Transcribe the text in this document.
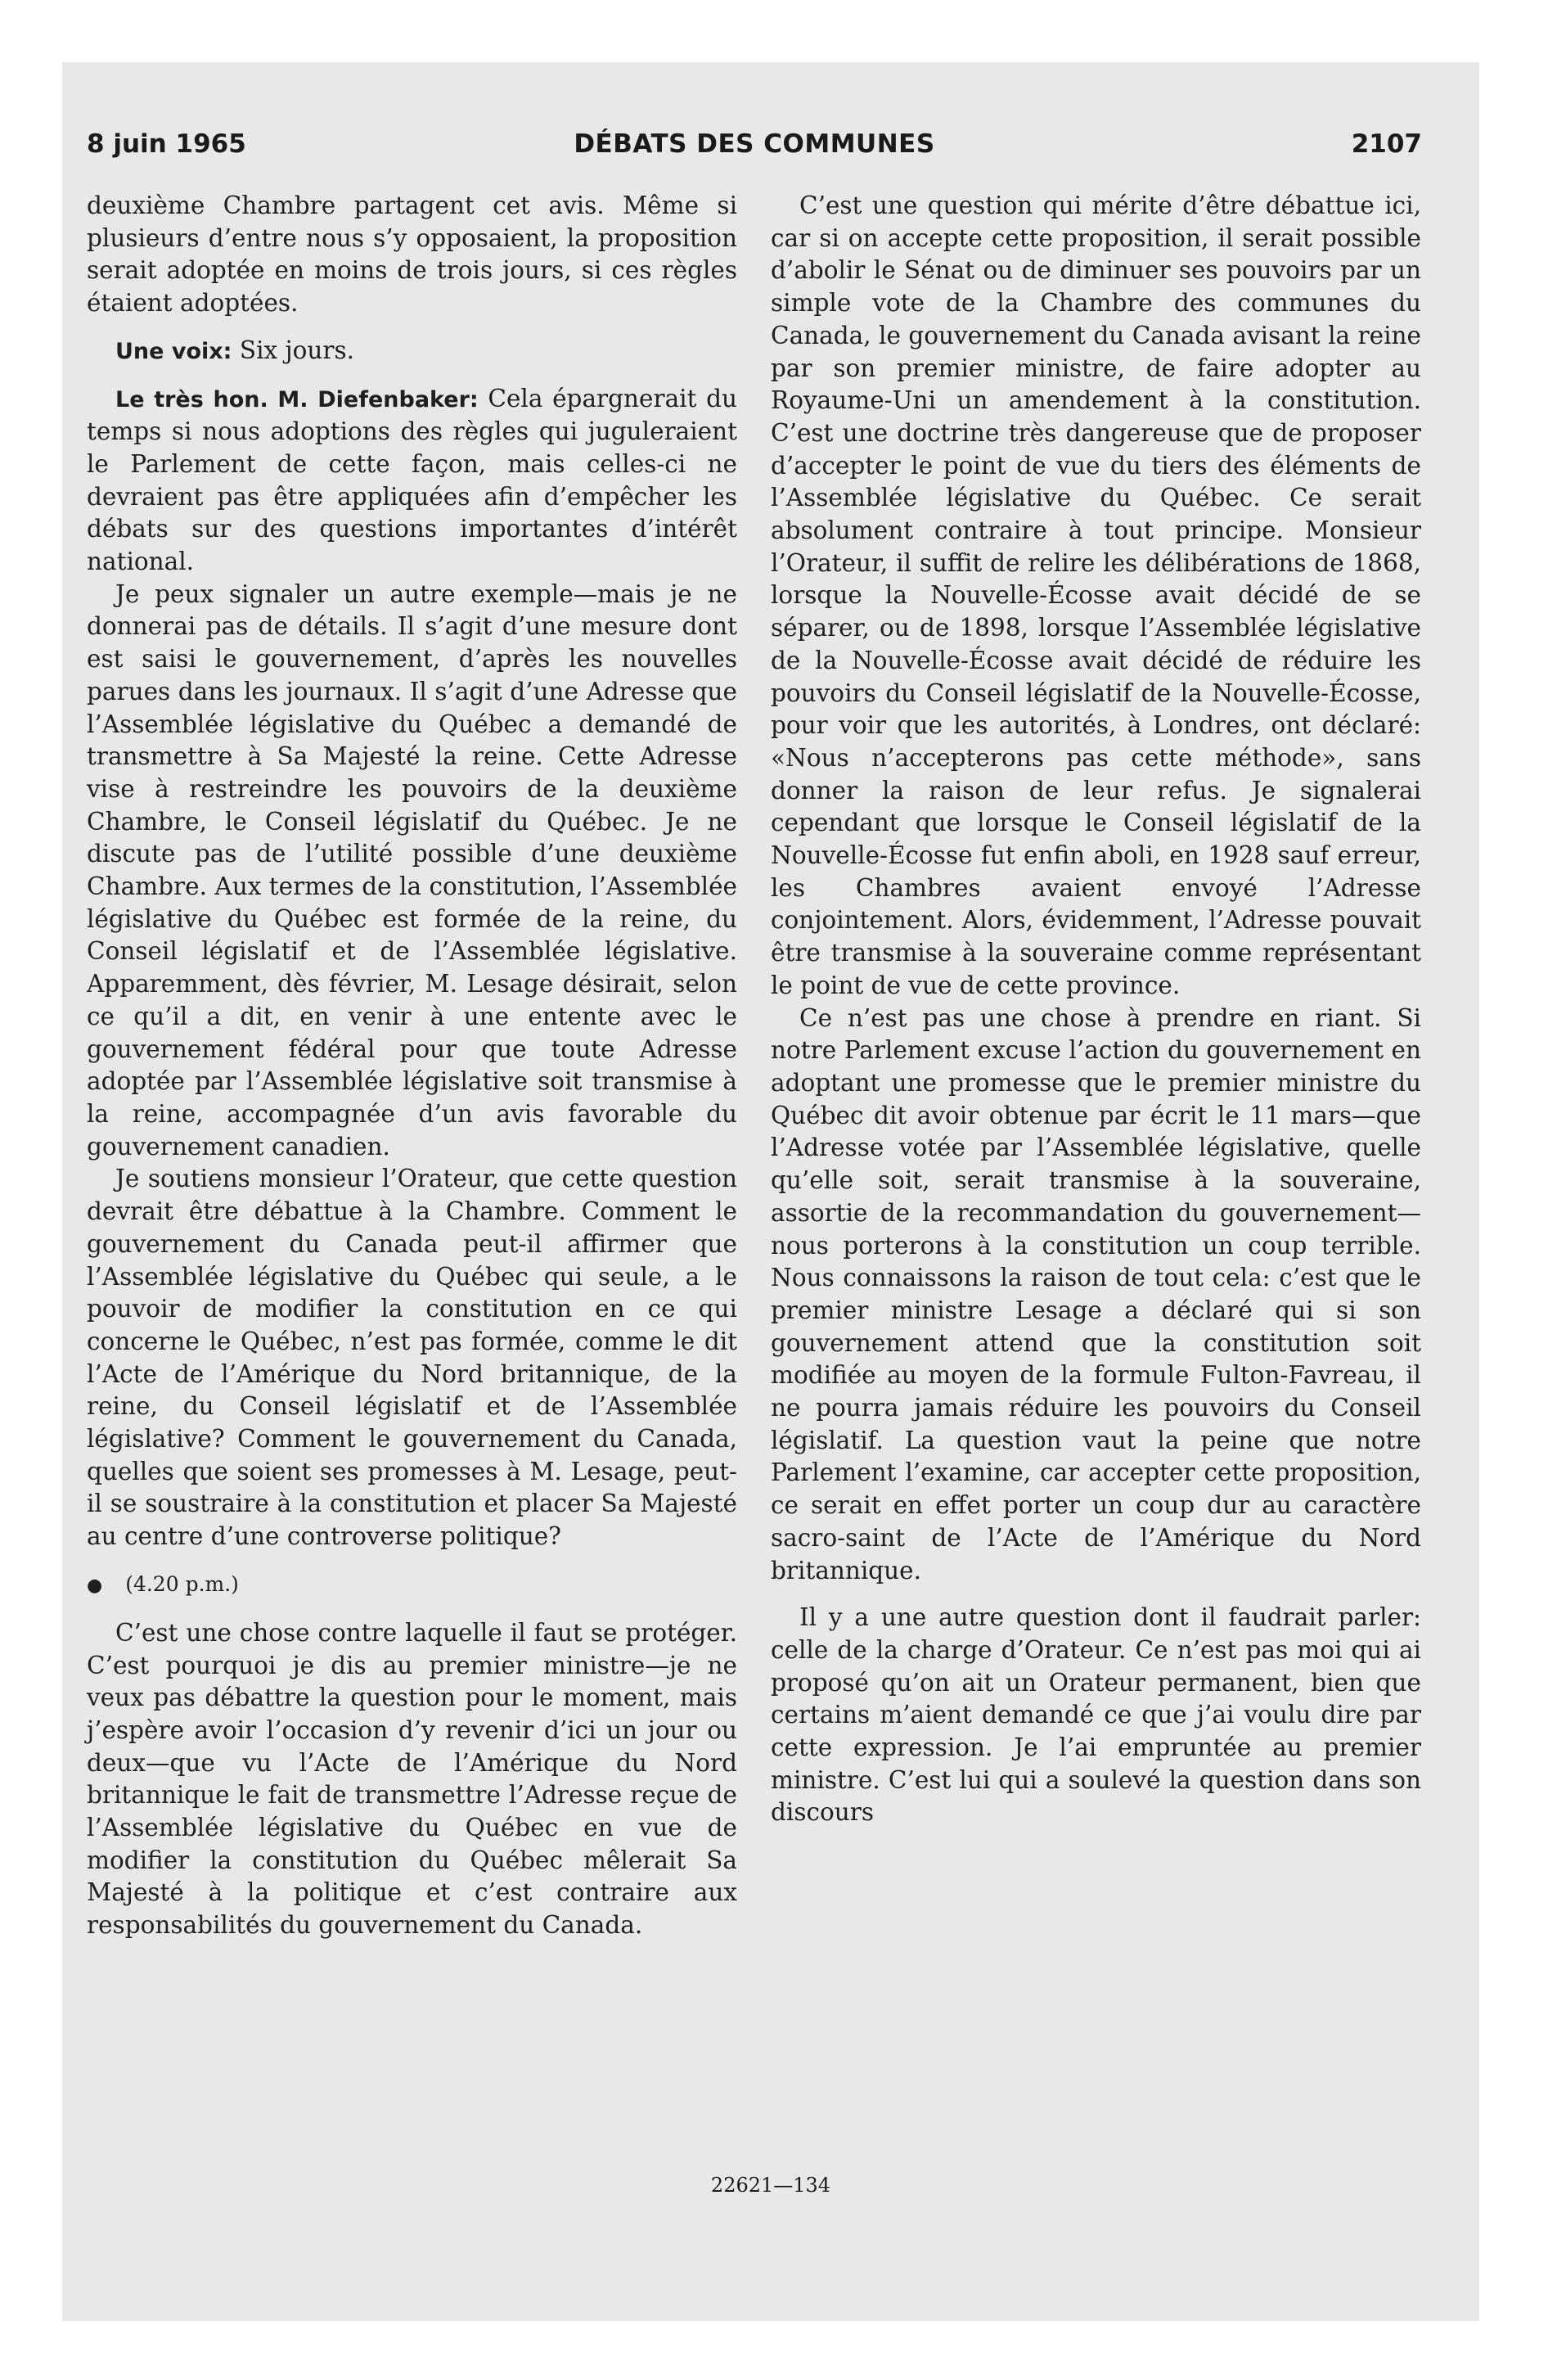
8 juin 1965	DÉBATS DES COMMUNES	2107

deuxième Chambre partagent cet avis. Même si plusieurs d’entre nous s’y opposaient, la proposition serait adoptée en moins de trois jours, si ces règles étaient adoptées.

Une voix: Six jours.

Le très hon. M. Diefenbaker: Cela épargnerait du temps si nous adoptions des règles qui juguleraient le Parlement de cette façon, mais celles-ci ne devraient pas être appliquées afin d’empêcher les débats sur des questions importantes d’intérêt national.

Je peux signaler un autre exemple—mais je ne donnerai pas de détails. Il s’agit d’une mesure dont est saisi le gouvernement, d’après les nouvelles parues dans les journaux. Il s’agit d’une Adresse que l’Assemblée législative du Québec a demandé de transmettre à Sa Majesté la reine. Cette Adresse vise à restreindre les pouvoirs de la deuxième Chambre, le Conseil législatif du Québec. Je ne discute pas de l’utilité possible d’une deuxième Chambre. Aux termes de la constitution, l’Assemblée législative du Québec est formée de la reine, du Conseil législatif et de l’Assemblée législative. Apparemment, dès février, M. Lesage désirait, selon ce qu’il a dit, en venir à une entente avec le gouvernement fédéral pour que toute Adresse adoptée par l’Assemblée législative soit transmise à la reine, accompagnée d’un avis favorable du gouvernement canadien.

Je soutiens monsieur l’Orateur, que cette question devrait être débattue à la Chambre. Comment le gouvernement du Canada peut-il affirmer que l’Assemblée législative du Québec qui seule, a le pouvoir de modifier la constitution en ce qui concerne le Québec, n’est pas formée, comme le dit l’Acte de l’Amérique du Nord britannique, de la reine, du Conseil législatif et de l’Assemblée législative? Comment le gouvernement du Canada, quelles que soient ses promesses à M. Lesage, peut-il se soustraire à la constitution et placer Sa Majesté au centre d’une controverse politique?

● (4.20 p.m.)

C’est une chose contre laquelle il faut se protéger. C’est pourquoi je dis au premier ministre—je ne veux pas débattre la question pour le moment, mais j’espère avoir l’occasion d’y revenir d’ici un jour ou deux—que vu l’Acte de l’Amérique du Nord britannique le fait de transmettre l’Adresse reçue de l’Assemblée législative du Québec en vue de modifier la constitution du Québec mêlerait Sa Majesté à la politique et c’est contraire aux responsabilités du gouvernement du Canada.

C’est une question qui mérite d’être débattue ici, car si on accepte cette proposition, il serait possible d’abolir le Sénat ou de diminuer ses pouvoirs par un simple vote de la Chambre des communes du Canada, le gouvernement du Canada avisant la reine par son premier ministre, de faire adopter au Royaume-Uni un amendement à la constitution. C’est une doctrine très dangereuse que de proposer d’accepter le point de vue du tiers des éléments de l’Assemblée législative du Québec. Ce serait absolument contraire à tout principe. Monsieur l’Orateur, il suffit de relire les délibérations de 1868, lorsque la Nouvelle-Écosse avait décidé de se séparer, ou de 1898, lorsque l’Assemblée législative de la Nouvelle-Écosse avait décidé de réduire les pouvoirs du Conseil législatif de la Nouvelle-Écosse, pour voir que les autorités, à Londres, ont déclaré: «Nous n’accepterons pas cette méthode», sans donner la raison de leur refus. Je signalerai cependant que lorsque le Conseil législatif de la Nouvelle-Écosse fut enfin aboli, en 1928 sauf erreur, les Chambres avaient envoyé l’Adresse conjointement. Alors, évidemment, l’Adresse pouvait être transmise à la souveraine comme représentant le point de vue de cette province.

Ce n’est pas une chose à prendre en riant. Si notre Parlement excuse l’action du gouvernement en adoptant une promesse que le premier ministre du Québec dit avoir obtenue par écrit le 11 mars—que l’Adresse votée par l’Assemblée législative, quelle qu’elle soit, serait transmise à la souveraine, assortie de la recommandation du gouvernement—nous porterons à la constitution un coup terrible. Nous connaissons la raison de tout cela: c’est que le premier ministre Lesage a déclaré qui si son gouvernement attend que la constitution soit modifiée au moyen de la formule Fulton-Favreau, il ne pourra jamais réduire les pouvoirs du Conseil législatif. La question vaut la peine que notre Parlement l’examine, car accepter cette proposition, ce serait en effet porter un coup dur au caractère sacro-saint de l’Acte de l’Amérique du Nord britannique.

Il y a une autre question dont il faudrait parler: celle de la charge d’Orateur. Ce n’est pas moi qui ai proposé qu’on ait un Orateur permanent, bien que certains m’aient demandé ce que j’ai voulu dire par cette expression. Je l’ai empruntée au premier ministre. C’est lui qui a soulevé la question dans son discours

22621—134
